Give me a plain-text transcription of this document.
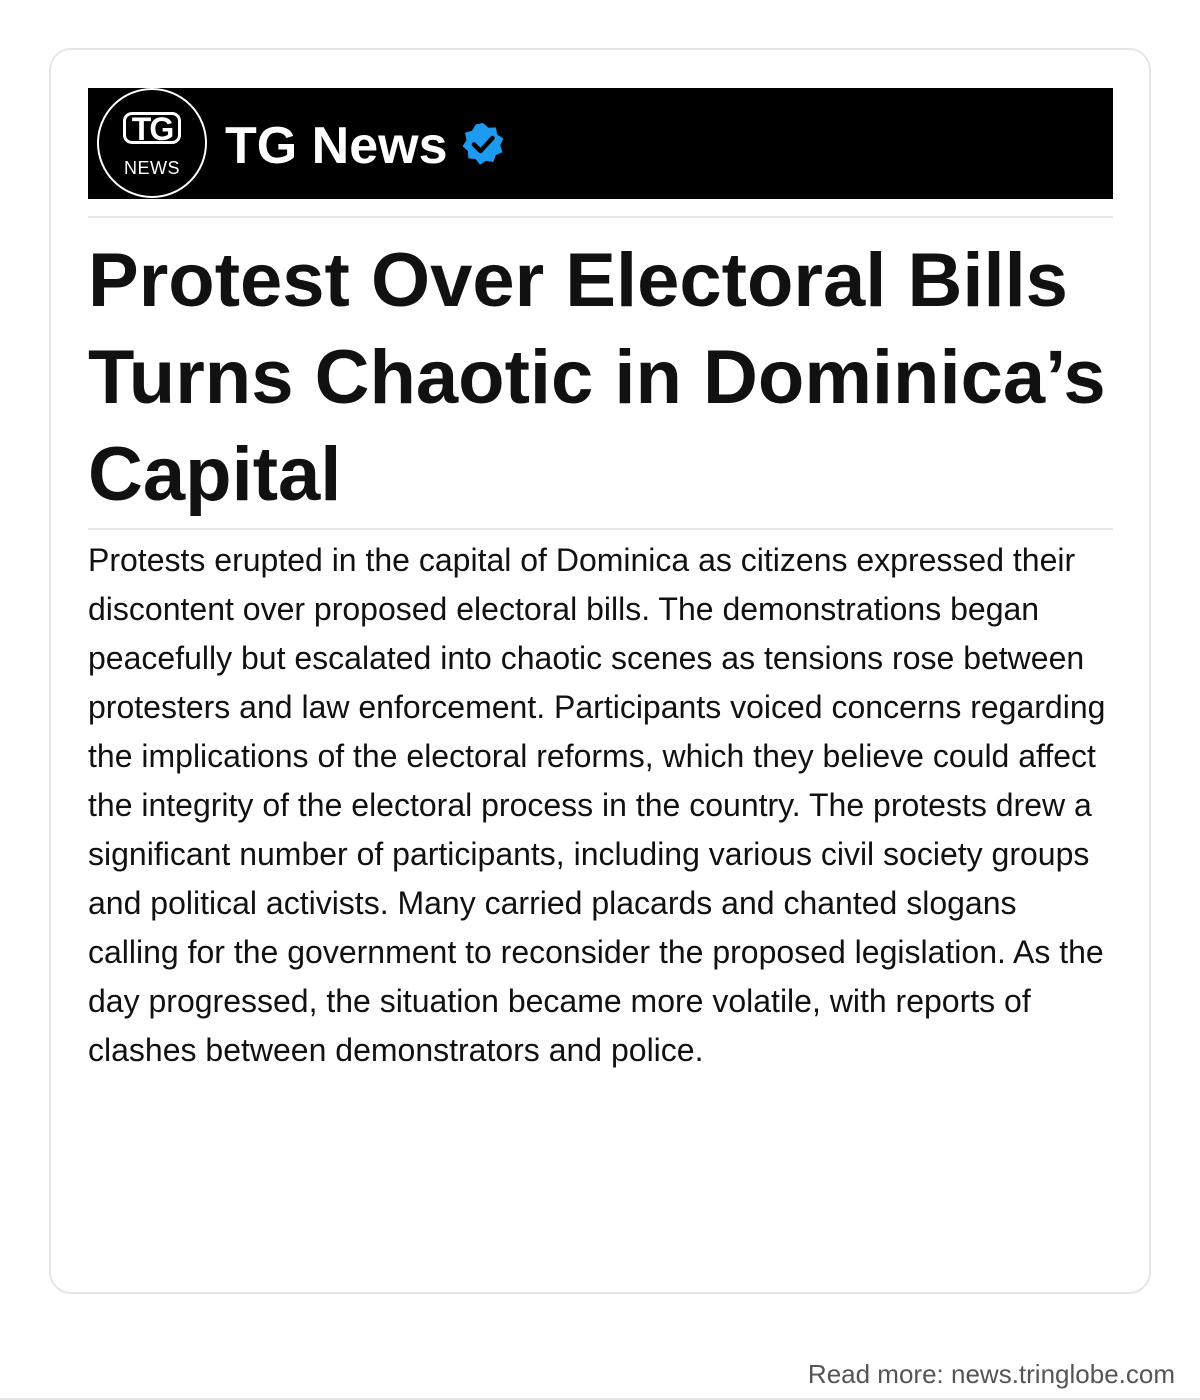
TG
NEWS TG News
Protest Over Electoral Bills Turns Chaotic in Dominica’s Capital

Protests erupted in the capital of Dominica as citizens expressed their discontent over proposed electoral bills. The demonstrations began peacefully but escalated into chaotic scenes as tensions rose between protesters and law enforcement. Participants voiced concerns regarding the implications of the electoral reforms, which they believe could affect the integrity of the electoral process in the country. The protests drew a significant number of participants, including various civil society groups and political activists. Many carried placards and chanted slogans calling for the government to reconsider the proposed legislation. As the day progressed, the situation became more volatile, with reports of clashes between demonstrators and police.

Read more: news.tringlobe.com
